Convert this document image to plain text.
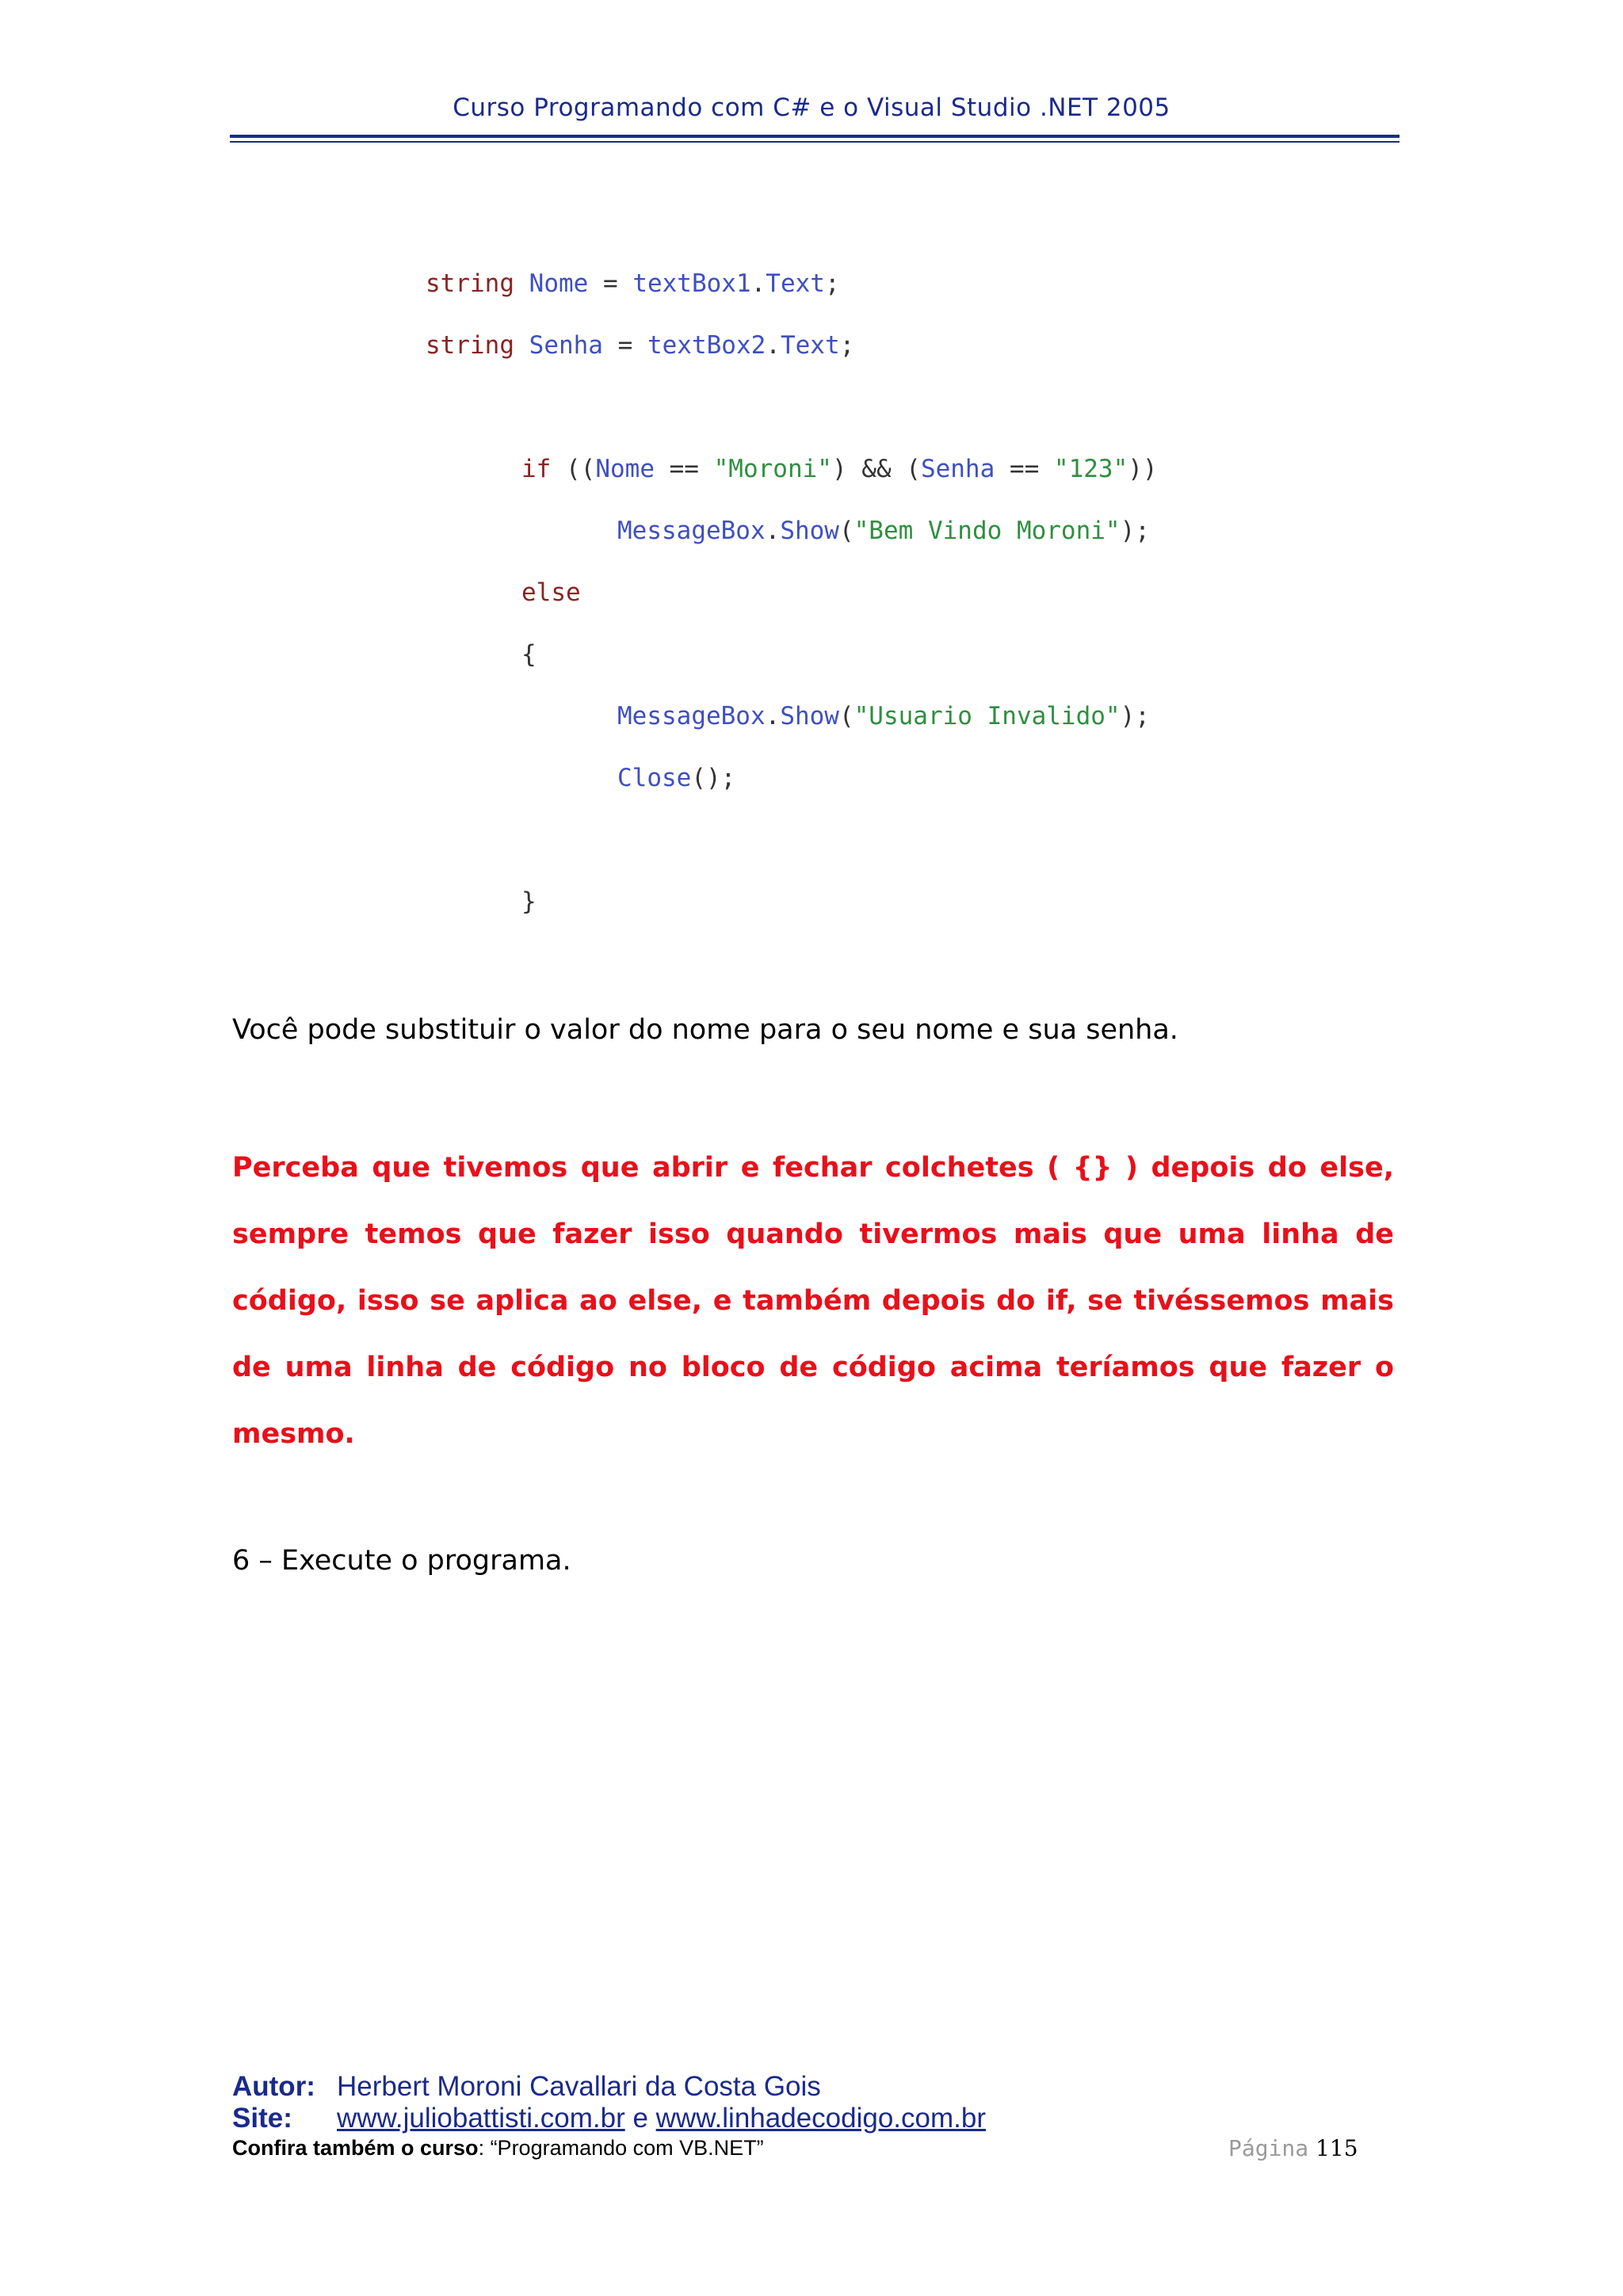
Curso Programando com C# e o Visual Studio .NET 2005
string Nome = textBox1.Text;
string Senha = textBox2.Text;
if ((Nome == "Moroni") && (Senha == "123"))
MessageBox.Show("Bem Vindo Moroni");
else
{
MessageBox.Show("Usuario Invalido");
Close();
}
Você pode substituir o valor do nome para o seu nome e sua senha.
Perceba que tivemos que abrir e fechar colchetes ( {} ) depois do else, sempre temos que fazer isso quando tivermos mais que uma linha de código, isso se aplica ao else, e também depois do if, se tivéssemos mais de uma linha de código no bloco de código acima teríamos que fazer o mesmo.
6 – Execute o programa.
Autor: Herbert Moroni Cavallari da Costa Gois
Site: www.juliobattisti.com.br e www.linhadecodigo.com.br
Confira também o curso: “Programando com VB.NET”	Página 115
